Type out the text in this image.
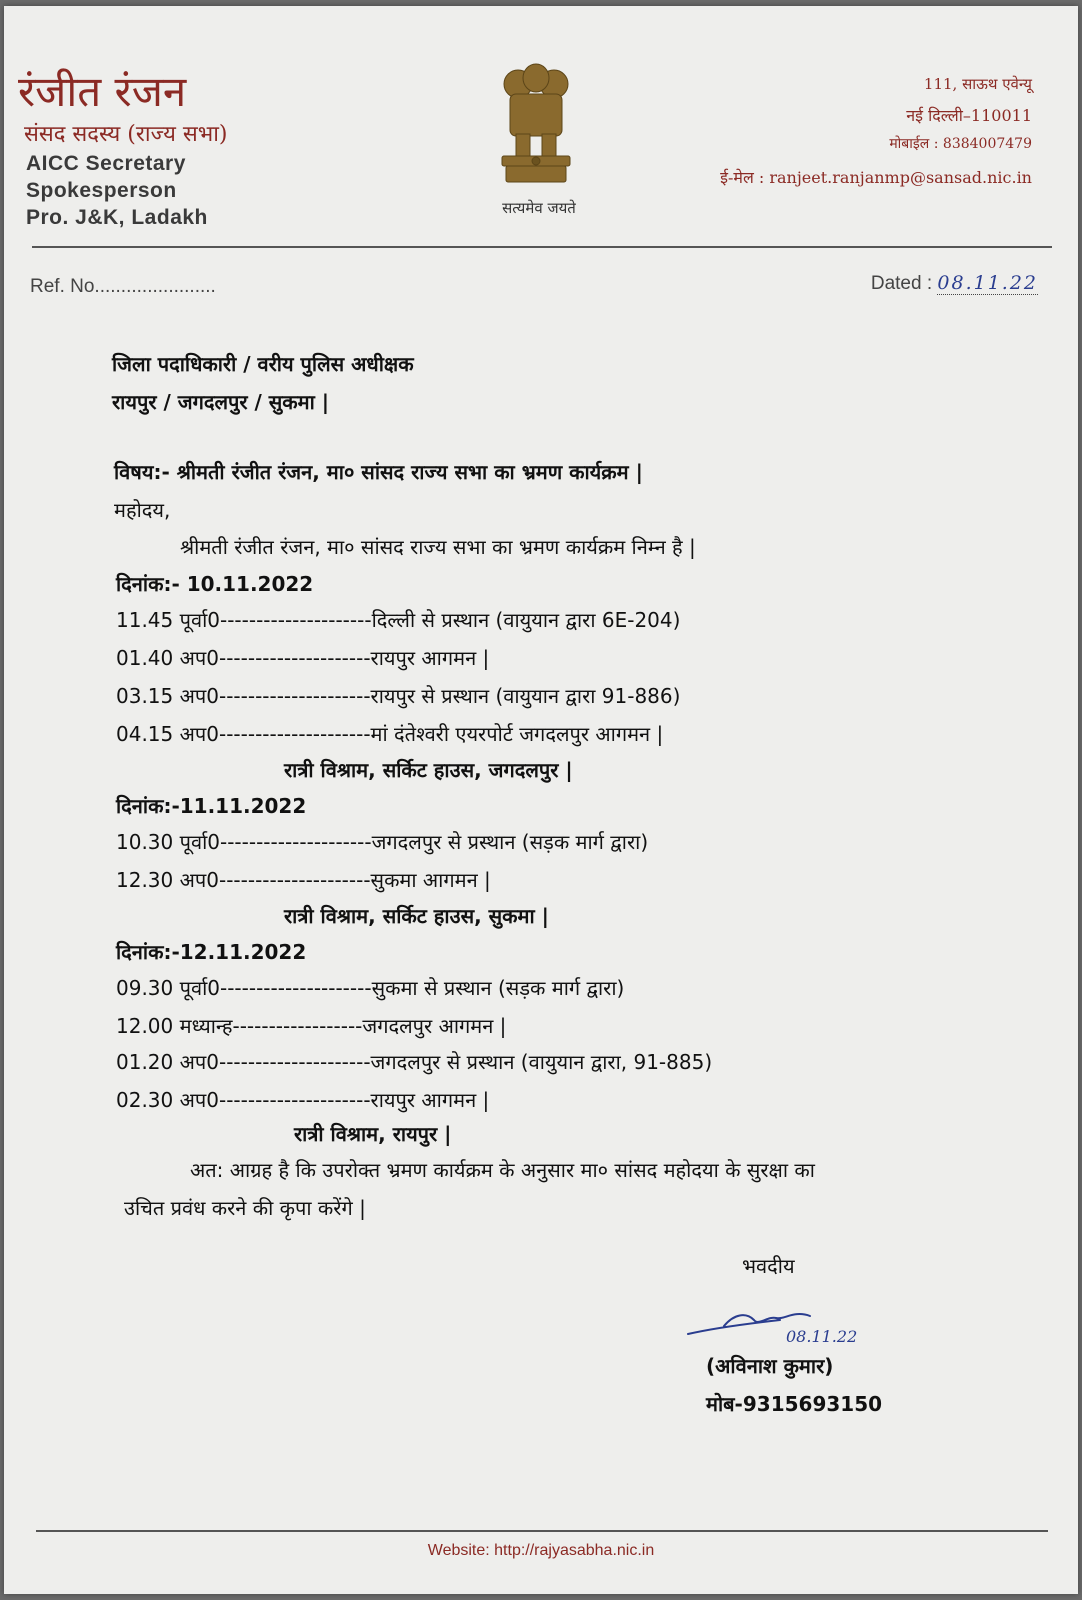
रंजीत रंजन
संसद सदस्य (राज्य सभा)
AICC Secretary
Spokesperson
Pro. J&K, Ladakh	सत्यमेव जयते
111, साऊथ एवेन्यू
नई दिल्ली–110011
मोबाईल : 8384007479
ई-मेल : ranjeet.ranjanmp@sansad.nic.in
Ref. No.......................	Dated : 08.11.22
जिला पदाधिकारी / वरीय पुलिस अधीक्षक
रायपुर / जगदलपुर / सुकमा |
विषय:- श्रीमती रंजीत रंजन, मा० सांसद राज्य सभा का भ्रमण कार्यक्रम |
महोदय,
श्रीमती रंजीत रंजन, मा० सांसद राज्य सभा का भ्रमण कार्यक्रम निम्न है |
दिनांक:- 10.11.2022
11.45 पूर्वा0---------------------दिल्ली से प्रस्थान (वायुयान द्वारा 6E-204)
01.40 अप0---------------------रायपुर आगमन |
03.15 अप0---------------------रायपुर से प्रस्थान (वायुयान द्वारा 91-886)
04.15 अप0---------------------मां दंतेश्वरी एयरपोर्ट जगदलपुर आगमन |
रात्री विश्राम, सर्किट हाउस, जगदलपुर |
दिनांक:-11.11.2022
10.30 पूर्वा0---------------------जगदलपुर से प्रस्थान (सड़क मार्ग द्वारा)
12.30 अप0---------------------सुकमा आगमन |
रात्री विश्राम, सर्किट हाउस, सुकमा |
दिनांक:-12.11.2022
09.30 पूर्वा0---------------------सुकमा से प्रस्थान (सड़क मार्ग द्वारा)
12.00 मध्यान्ह------------------जगदलपुर आगमन |
01.20 अप0---------------------जगदलपुर से प्रस्थान (वायुयान द्वारा, 91-885)
02.30 अप0---------------------रायपुर आगमन |
रात्री विश्राम, रायपुर |
अत: आग्रह है कि उपरोक्त भ्रमण कार्यक्रम के अनुसार मा० सांसद महोदया के सुरक्षा का
उचित प्रवंध करने की कृपा करेंगे |
भवदीय
08.11.22
(अविनाश कुमार)
मोब-9315693150
Website: http://rajyasabha.nic.in
